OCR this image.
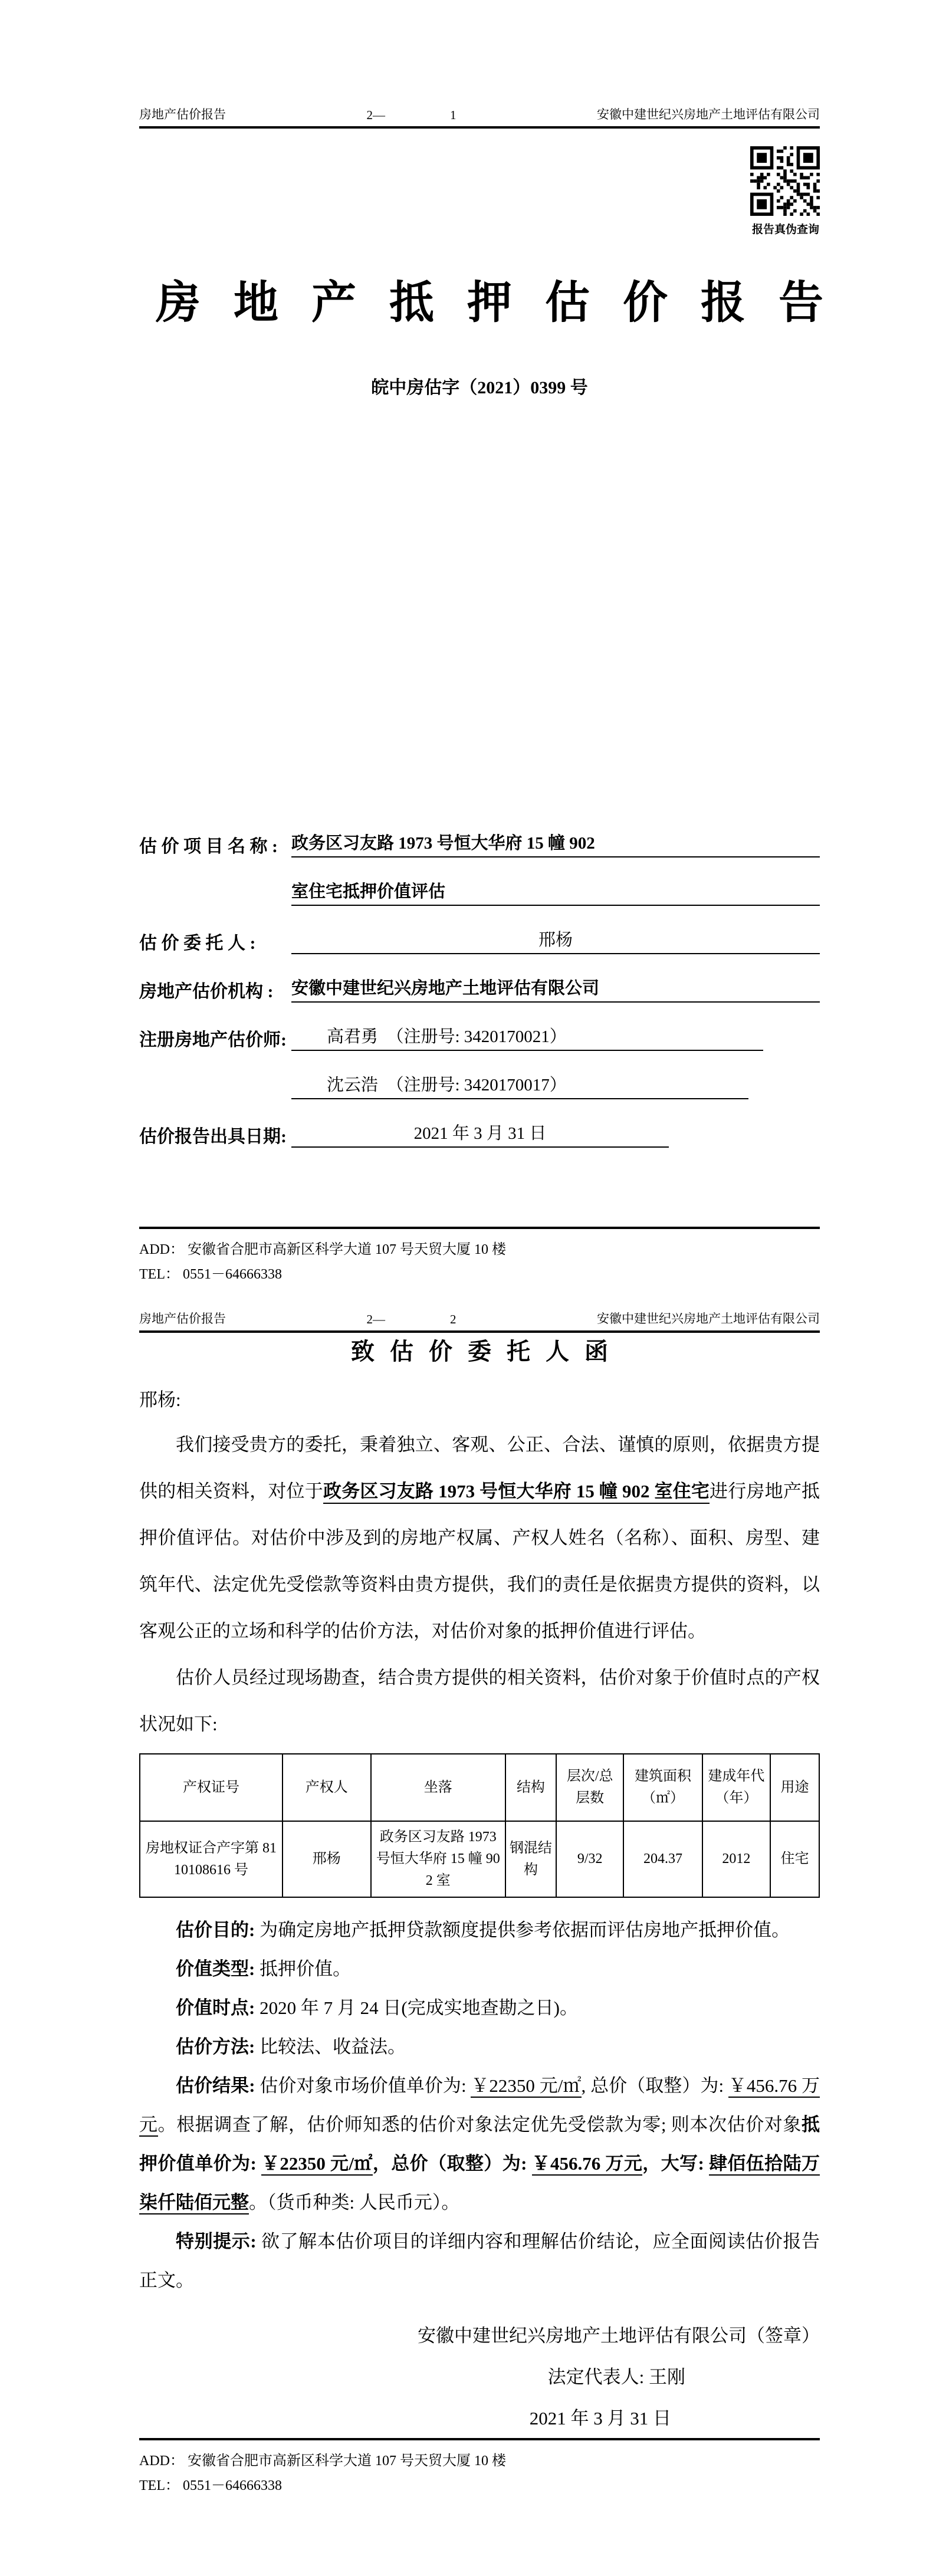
房地产估价报告	2—	1	安徽中建世纪兴房地产土地评估有限公司
报告真伪查询
房地产抵押估价报告
皖中房估字（2021）0399 号
估 价 项 目 名 称 : 政务区习友路 1973 号恒大华府 15 幢 902
室住宅抵押价值评估
估 价 委 托 人 :	邢杨
房地产估价机构 :	安徽中建世纪兴房地产土地评估有限公司
注册房地产估价师:	高君勇  （注册号: 3420170021）
沈云浩  （注册号: 3420170017）
估价报告出具日期:	2021 年 3 月 31 日
ADD： 安徽省合肥市高新区科学大道 107 号天贸大厦 10 楼
TEL： 0551－64666338
房地产估价报告	2—	2	安徽中建世纪兴房地产土地评估有限公司
致估价委托人函
邢杨:

我们接受贵方的委托，秉着独立、客观、公正、合法、谨慎的原则，依据贵方提供的相关资料，对位于政务区习友路 1973 号恒大华府 15 幢 902 室住宅进行房地产抵押价值评估。对估价中涉及到的房地产权属、产权人姓名（名称）、面积、房型、建筑年代、法定优先受偿款等资料由贵方提供，我们的责任是依据贵方提供的资料，以客观公正的立场和科学的估价方法，对估价对象的抵押价值进行评估。

估价人员经过现场勘查，结合贵方提供的相关资料，估价对象于价值时点的产权状况如下:

产权证号	产权人	坐落	结构	层次/总层数	建筑面积（㎡）	建成年代（年）	用途
房地权证合产字第 8110108616 号	邢杨	政务区习友路 1973 号恒大华府 15 幢 902 室	钢混结构	9/32	204.37	2012	住宅

估价目的: 为确定房地产抵押贷款额度提供参考依据而评估房地产抵押价值。

价值类型: 抵押价值。

价值时点: 2020 年 7 月 24 日(完成实地查勘之日)。

估价方法: 比较法、收益法。

估价结果: 估价对象市场价值单价为: ￥22350 元/㎡, 总价（取整）为: ￥456.76 万元。根据调查了解，估价师知悉的估价对象法定优先受偿款为零; 则本次估价对象抵押价值单价为: ￥22350 元/㎡，总价（取整）为: ￥456.76 万元，大写: 肆佰伍拾陆万柒仟陆佰元整。（货币种类: 人民币元）。

特别提示: 欲了解本估价项目的详细内容和理解估价结论，应全面阅读估价报告正文。

安徽中建世纪兴房地产土地评估有限公司（签章）
法定代表人: 王刚
2021 年 3 月 31 日
ADD： 安徽省合肥市高新区科学大道 107 号天贸大厦 10 楼
TEL： 0551－64666338
